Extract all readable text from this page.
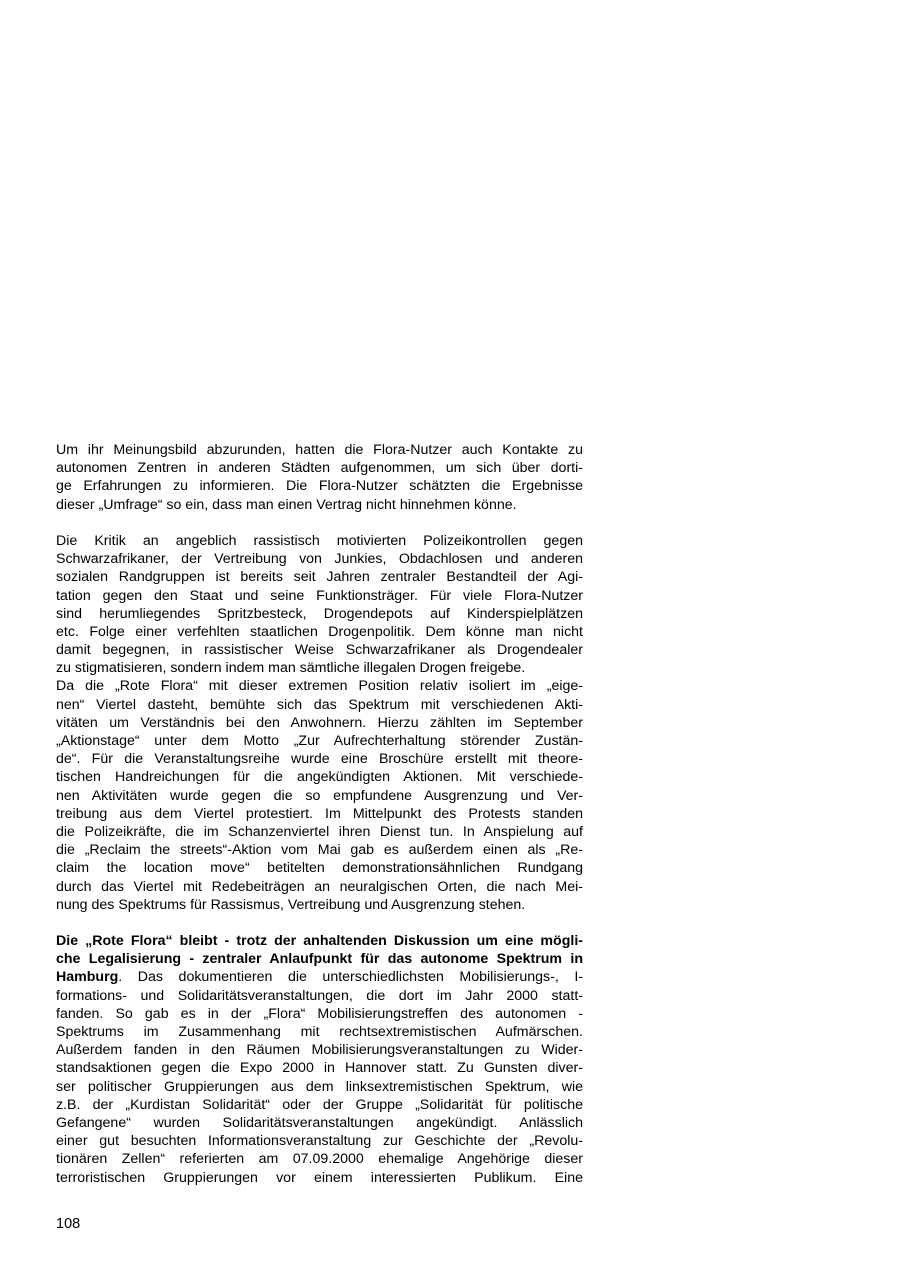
Um ihr Meinungsbild abzurunden, hatten die Flora-Nutzer auch Kontakte zu
autonomen Zentren in anderen Städten aufgenommen, um sich über dorti-
ge Erfahrungen zu informieren. Die Flora-Nutzer schätzten die Ergebnisse
dieser „Umfrage“ so ein, dass man einen Vertrag nicht hinnehmen könne.
Die Kritik an angeblich rassistisch motivierten Polizeikontrollen gegen
Schwarzafrikaner, der Vertreibung von Junkies, Obdachlosen und anderen
sozialen Randgruppen ist bereits seit Jahren zentraler Bestandteil der Agi-
tation gegen den Staat und seine Funktionsträger. Für viele Flora-Nutzer
sind herumliegendes Spritzbesteck, Drogendepots auf Kinderspielplätzen
etc. Folge einer verfehlten staatlichen Drogenpolitik. Dem könne man nicht
damit begegnen, in rassistischer Weise Schwarzafrikaner als Drogendealer
zu stigmatisieren, sondern indem man sämtliche illegalen Drogen freigebe.
Da die „Rote Flora“ mit dieser extremen Position relativ isoliert im „eige-
nen“ Viertel dasteht, bemühte sich das Spektrum mit verschiedenen Akti-
vitäten um Verständnis bei den Anwohnern. Hierzu zählten im September
„Aktionstage“ unter dem Motto „Zur Aufrechterhaltung störender Zustän-
de“. Für die Veranstaltungsreihe wurde eine Broschüre erstellt mit theore-
tischen Handreichungen für die angekündigten Aktionen. Mit verschiede-
nen Aktivitäten wurde gegen die so empfundene Ausgrenzung und Ver-
treibung aus dem Viertel protestiert. Im Mittelpunkt des Protests standen
die Polizeikräfte, die im Schanzenviertel ihren Dienst tun. In Anspielung auf
die „Reclaim the streets“-Aktion vom Mai gab es außerdem einen als „Re-
claim the location move“ betitelten demonstrationsähnlichen Rundgang
durch das Viertel mit Redebeiträgen an neuralgischen Orten, die nach Mei-
nung des Spektrums für Rassismus, Vertreibung und Ausgrenzung stehen.
Die „Rote Flora“ bleibt - trotz der anhaltenden Diskussion um eine mögli-
che Legalisierung - zentraler Anlaufpunkt für das autonome Spektrum in
Hamburg. Das dokumentieren die unterschiedlichsten Mobilisierungs-, I-
formations- und Solidaritätsveranstaltungen, die dort im Jahr 2000 statt-
fanden. So gab es in der „Flora“ Mobilisierungstreffen des autonomen -
Spektrums im Zusammenhang mit rechtsextremistischen Aufmärschen.
Außerdem fanden in den Räumen Mobilisierungsveranstaltungen zu Wider-
standsaktionen gegen die Expo 2000 in Hannover statt. Zu Gunsten diver-
ser politischer Gruppierungen aus dem linksextremistischen Spektrum, wie
z.B. der „Kurdistan Solidarität“ oder der Gruppe „Solidarität für politische
Gefangene“ wurden Solidaritätsveranstaltungen angekündigt. Anlässlich
einer gut besuchten Informationsveranstaltung zur Geschichte der „Revolu-
tionären Zellen“ referierten am 07.09.2000 ehemalige Angehörige dieser
terroristischen Gruppierungen vor einem interessierten Publikum. Eine
108
